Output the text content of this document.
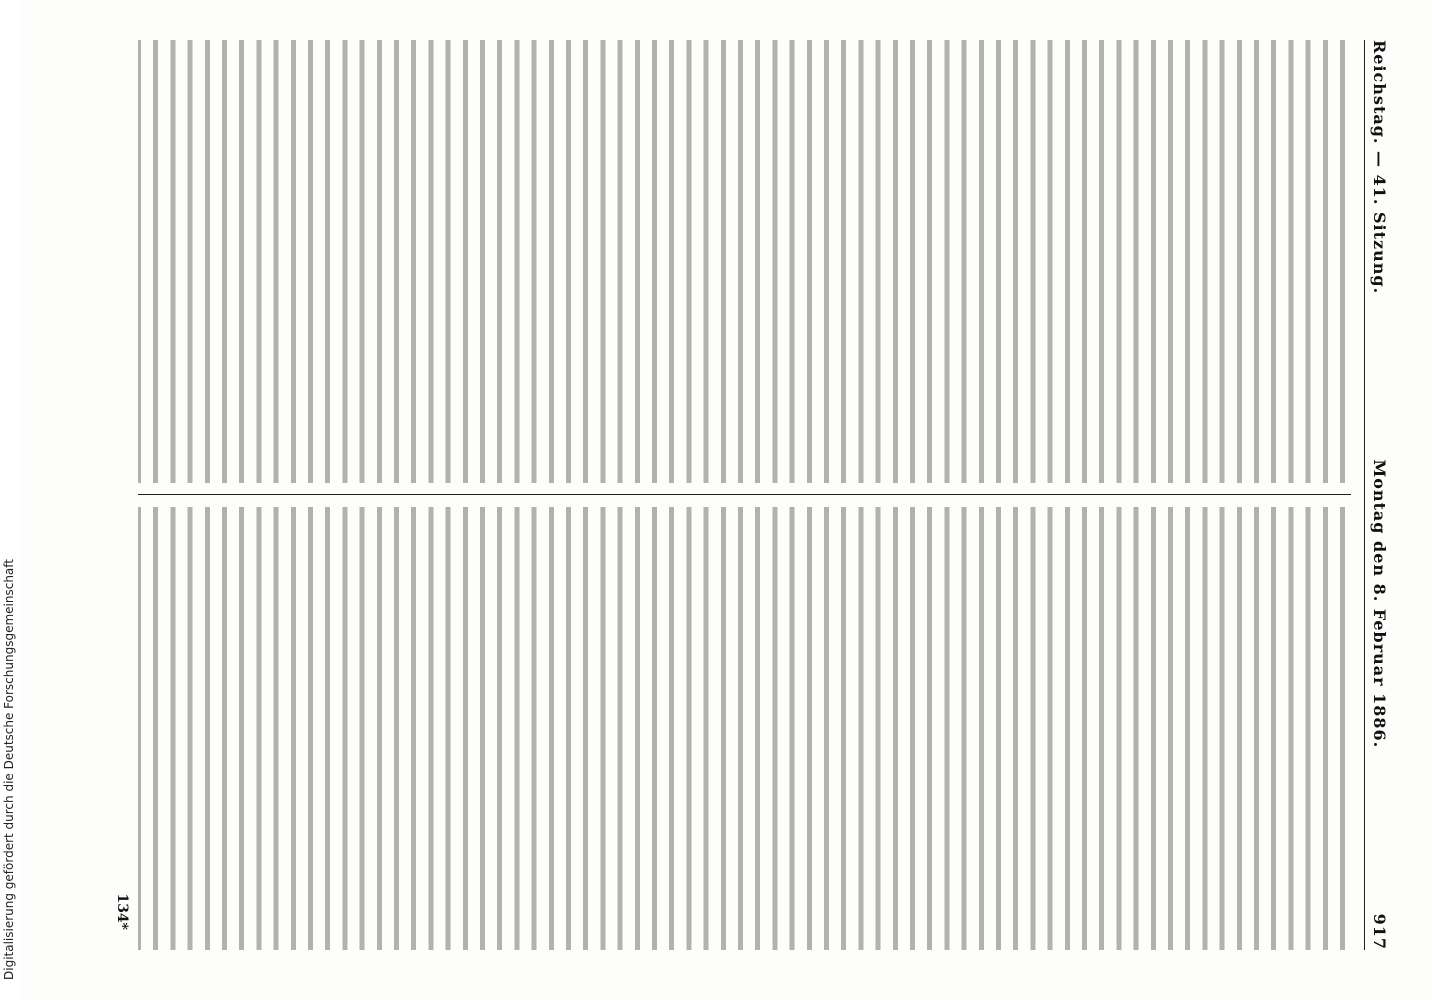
Digitalisierung gefördert durch die Deutsche Forschungsgemeinschaft
Reichstag. — 41. Sitzung.
Montag den 8. Februar 1886.
917
134*
